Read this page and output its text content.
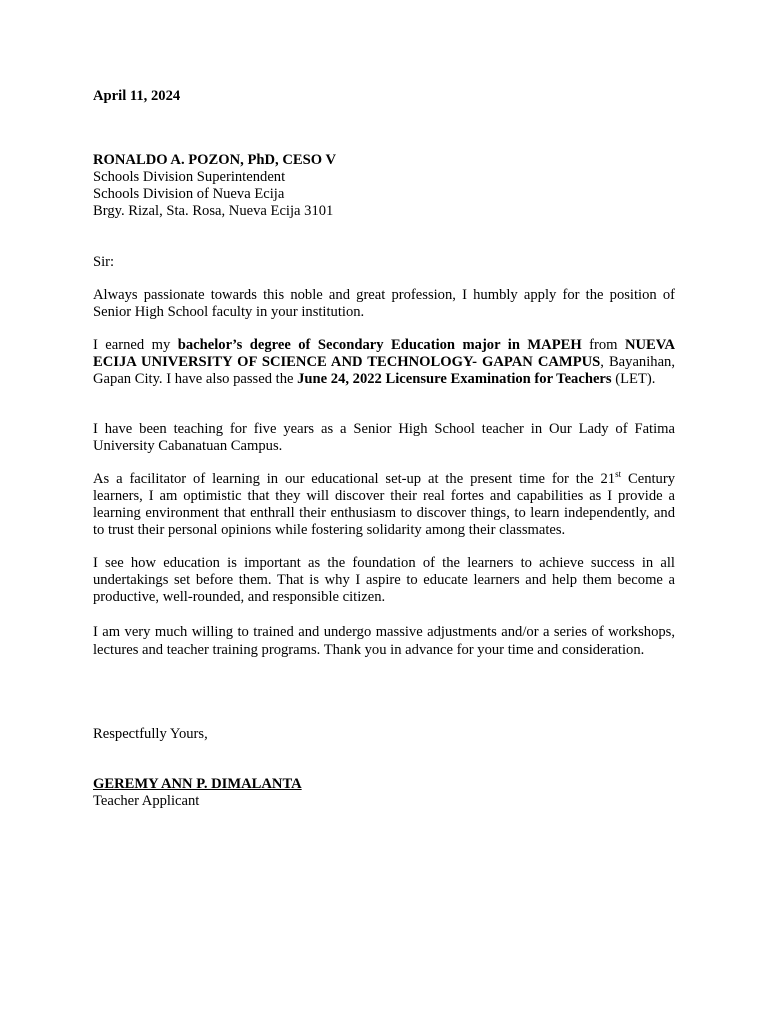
April 11, 2024
RONALDO A. POZON, PhD, CESO V
Schools Division Superintendent
Schools Division of Nueva Ecija
Brgy. Rizal, Sta. Rosa, Nueva Ecija 3101
Sir:
Always passionate towards this noble and great profession, I humbly apply for the position of Senior High School faculty in your institution.
I earned my bachelor’s degree of Secondary Education major in MAPEH from NUEVA ECIJA UNIVERSITY OF SCIENCE AND TECHNOLOGY- GAPAN CAMPUS, Bayanihan, Gapan City. I have also passed the June 24, 2022 Licensure Examination for Teachers (LET).
I have been teaching for five years as a Senior High School teacher in Our Lady of Fatima University Cabanatuan Campus.
As a facilitator of learning in our educational set-up at the present time for the 21st Century learners, I am optimistic that they will discover their real fortes and capabilities as I provide a learning environment that enthrall their enthusiasm to discover things, to learn independently, and to trust their personal opinions while fostering solidarity among their classmates.
I see how education is important as the foundation of the learners to achieve success in all undertakings set before them. That is why I aspire to educate learners and help them become a productive, well-rounded, and responsible citizen.
I am very much willing to trained and undergo massive adjustments and/or a series of workshops, lectures and teacher training programs. Thank you in advance for your time and consideration.
Respectfully Yours,
GEREMY ANN P. DIMALANTA
Teacher Applicant
